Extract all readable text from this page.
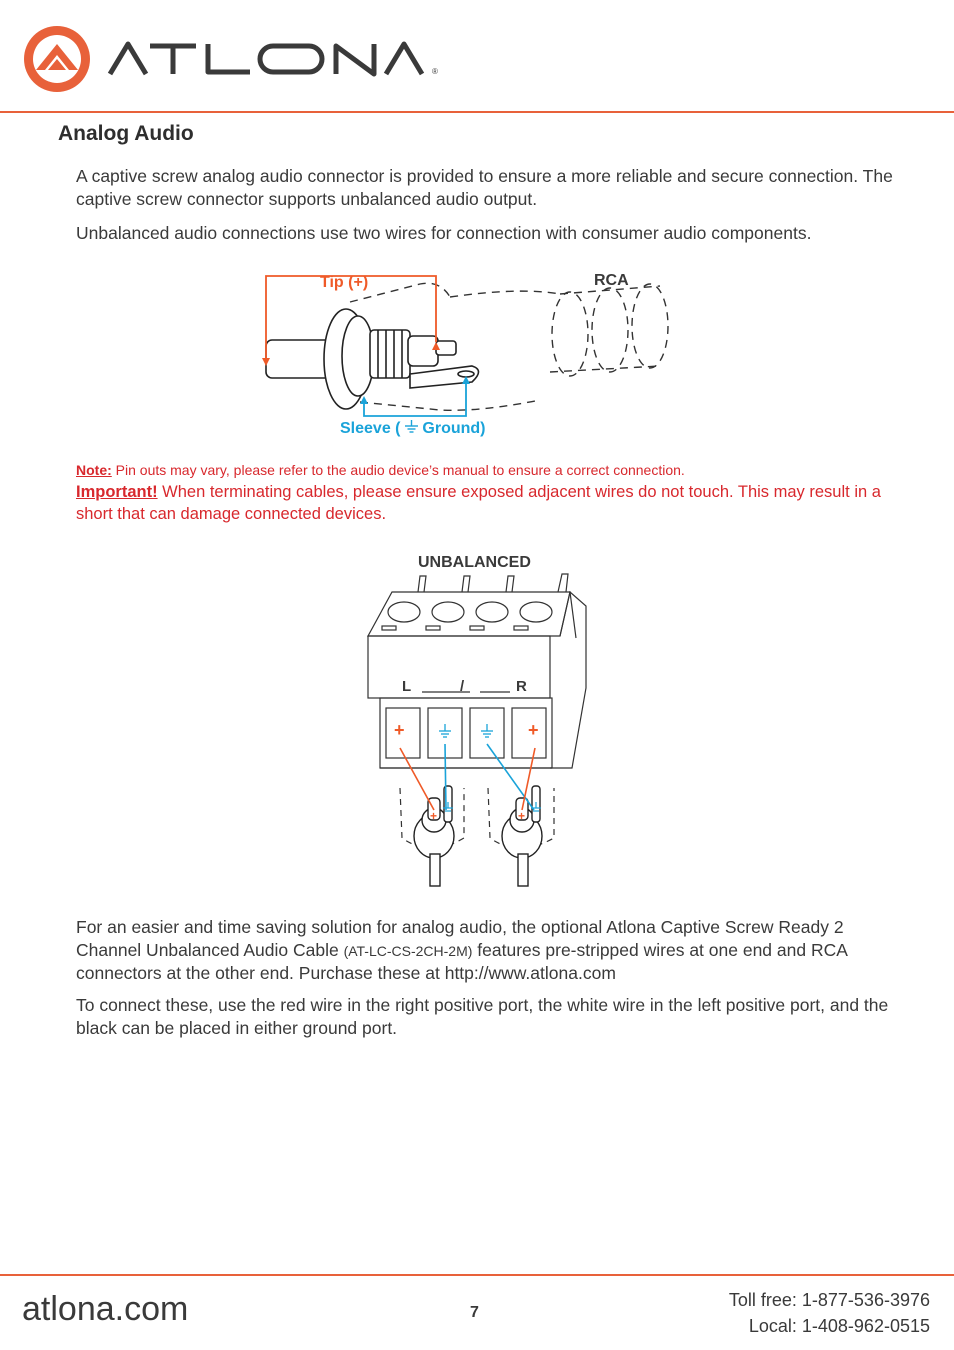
®
Analog Audio
A captive screw analog audio connector is provided to ensure a more reliable and secure connection. The captive screw connector supports unbalanced audio output.
Unbalanced audio connections use two wires for connection with consumer audio components.
Tip (+)	RCA
Sleeve ( Ground)
Note: Pin outs may vary, please refer to the audio device’s manual to ensure a correct connection.
Important! When terminating cables, please ensure exposed adjacent wires do not touch. This may result in a short that can damage connected devices.
+	+
UNBALANCED
L	/	R
+	+
For an easier and time saving solution for analog audio, the optional Atlona Captive Screw Ready 2 Channel Unbalanced Audio Cable (AT-LC-CS-2CH-2M) features pre-stripped wires at one end and RCA connectors at the other end. Purchase these at http://www.atlona.com
To connect these, use the red wire in the right positive port, the white wire in the left positive port, and the black can be placed in either ground port.
atlona.com	7
Toll free: 1-877-536-3976
Local: 1-408-962-0515
